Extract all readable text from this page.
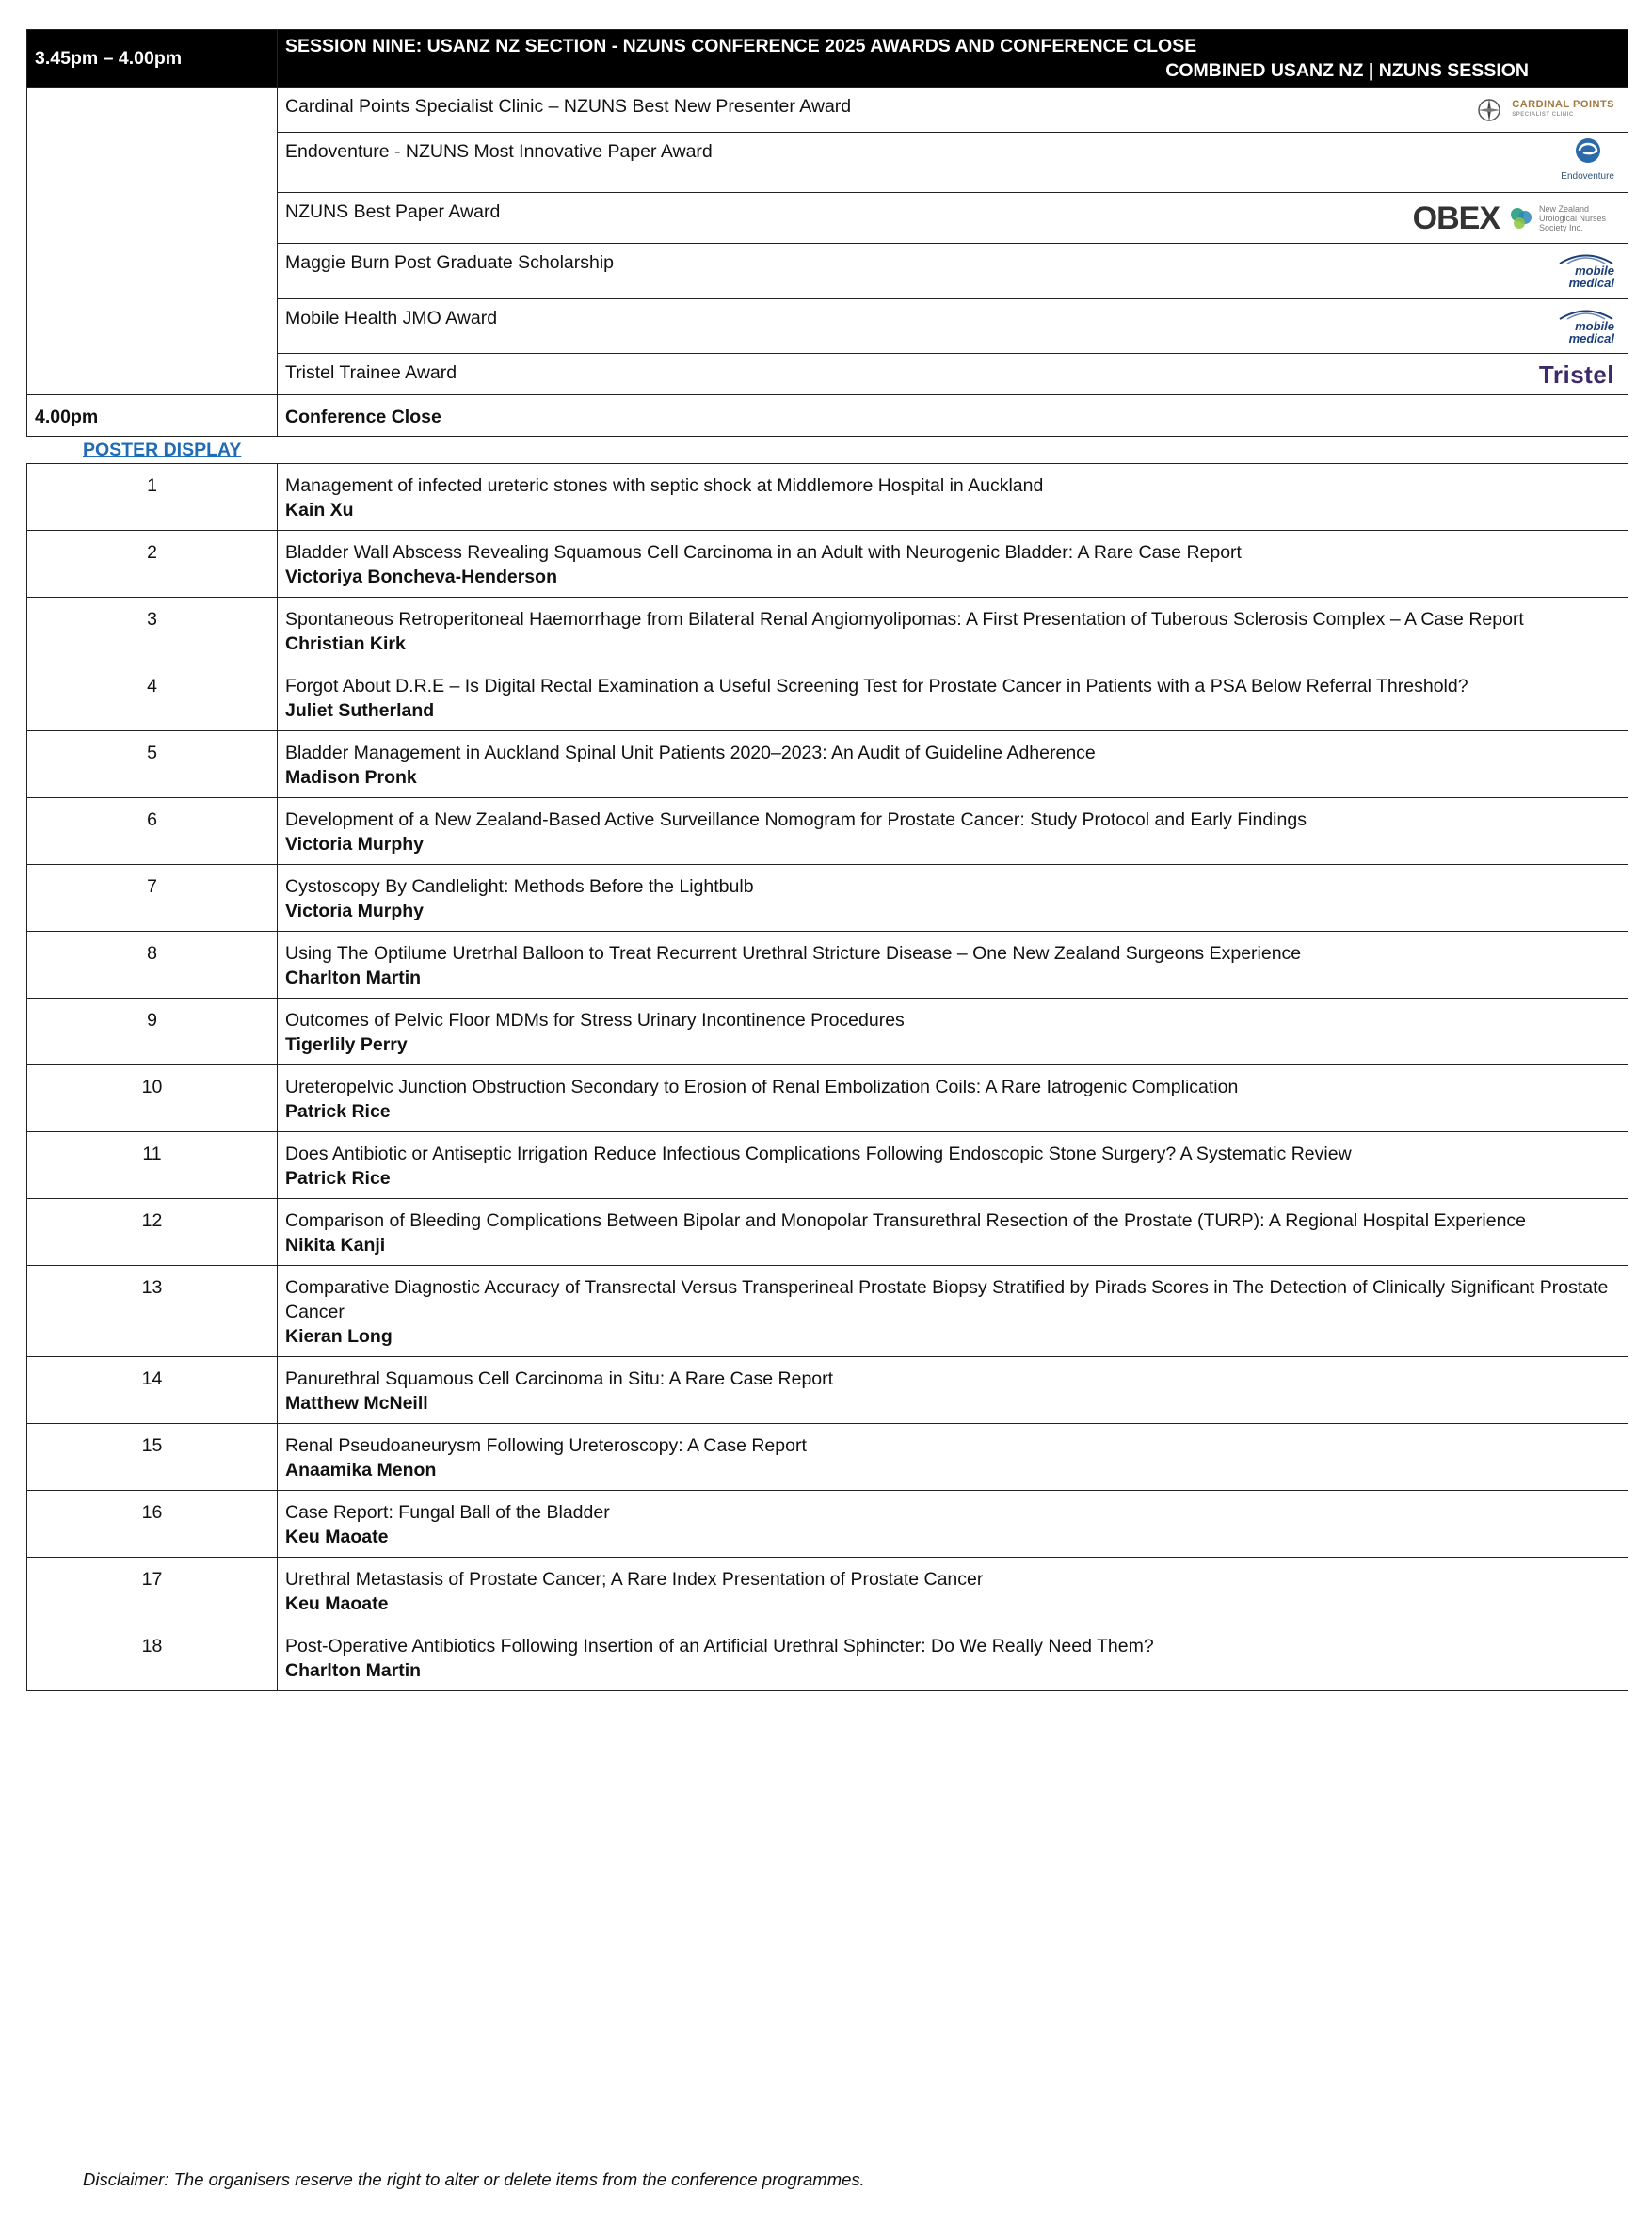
3.45pm – 4.00pm	SESSION NINE: USANZ NZ SECTION - NZUNS CONFERENCE 2025 AWARDS AND CONFERENCE CLOSE
COMBINED USANZ NZ | NZUNS SESSION

	Cardinal Points Specialist Clinic – NZUNS Best New Presenter Award CARDINAL POINTS
SPECIALIST CLINIC

	Endoventure - NZUNS Most Innovative Paper Award
Endoventure

	NZUNS Best Paper Award OBEX New Zealand Urological Nurses Society Inc.

	Maggie Burn Post Graduate Scholarship mobile medical

	Mobile Health JMO Award mobile medical

	Tristel Trainee Award Tristel

4.00pm	Conference Close
POSTER DISPLAY
1	Management of infected ureteric stones with septic shock at Middlemore Hospital in Auckland
Kain Xu

2	Bladder Wall Abscess Revealing Squamous Cell Carcinoma in an Adult with Neurogenic Bladder: A Rare Case Report
Victoriya Boncheva-Henderson

3	Spontaneous Retroperitoneal Haemorrhage from Bilateral Renal Angiomyolipomas: A First Presentation of Tuberous Sclerosis Complex – A Case Report
Christian Kirk

4	Forgot About D.R.E – Is Digital Rectal Examination a Useful Screening Test for Prostate Cancer in Patients with a PSA Below Referral Threshold?
Juliet Sutherland

5	Bladder Management in Auckland Spinal Unit Patients 2020–2023: An Audit of Guideline Adherence
Madison Pronk

6	Development of a New Zealand-Based Active Surveillance Nomogram for Prostate Cancer: Study Protocol and Early Findings
Victoria Murphy

7	Cystoscopy By Candlelight: Methods Before the Lightbulb
Victoria Murphy

8	Using The Optilume Uretrhal Balloon to Treat Recurrent Urethral Stricture Disease – One New Zealand Surgeons Experience
Charlton Martin

9	Outcomes of Pelvic Floor MDMs for Stress Urinary Incontinence Procedures
Tigerlily Perry

10	Ureteropelvic Junction Obstruction Secondary to Erosion of Renal Embolization Coils: A Rare Iatrogenic Complication
Patrick Rice

11	Does Antibiotic or Antiseptic Irrigation Reduce Infectious Complications Following Endoscopic Stone Surgery? A Systematic Review
Patrick Rice

12	Comparison of Bleeding Complications Between Bipolar and Monopolar Transurethral Resection of the Prostate (TURP): A Regional Hospital Experience
Nikita Kanji

13	Comparative Diagnostic Accuracy of Transrectal Versus Transperineal Prostate Biopsy Stratified by Pirads Scores in The Detection of Clinically Significant Prostate Cancer
Kieran Long

14	Panurethral Squamous Cell Carcinoma in Situ: A Rare Case Report
Matthew McNeill

15	Renal Pseudoaneurysm Following Ureteroscopy: A Case Report
Anaamika Menon

16	Case Report: Fungal Ball of the Bladder
Keu Maoate

17	Urethral Metastasis of Prostate Cancer; A Rare Index Presentation of Prostate Cancer
Keu Maoate

18	Post-Operative Antibiotics Following Insertion of an Artificial Urethral Sphincter: Do We Really Need Them?
Charlton Martin
Disclaimer: The organisers reserve the right to alter or delete items from the conference programmes.
